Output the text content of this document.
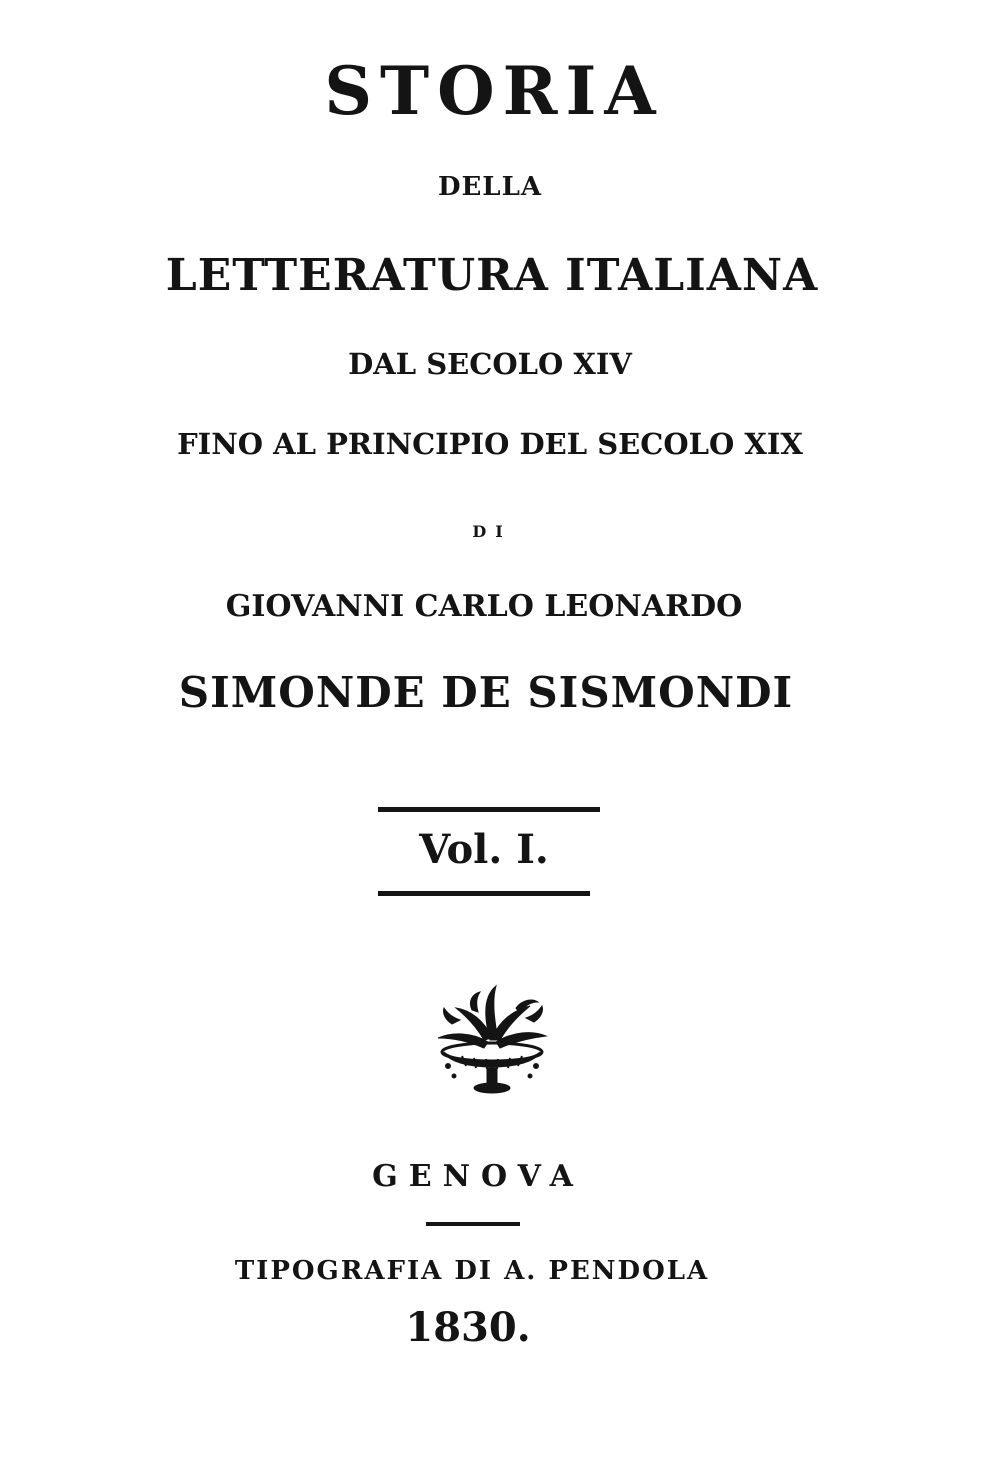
STORIA
DELLA
LETTERATURA ITALIANA
DAL SECOLO XIV
FINO AL PRINCIPIO DEL SECOLO XIX
DI
GIOVANNI CARLO LEONARDO
SIMONDE DE SISMONDI
Vol. I.
GENOVA
TIPOGRAFIA DI A. PENDOLA
1830.
